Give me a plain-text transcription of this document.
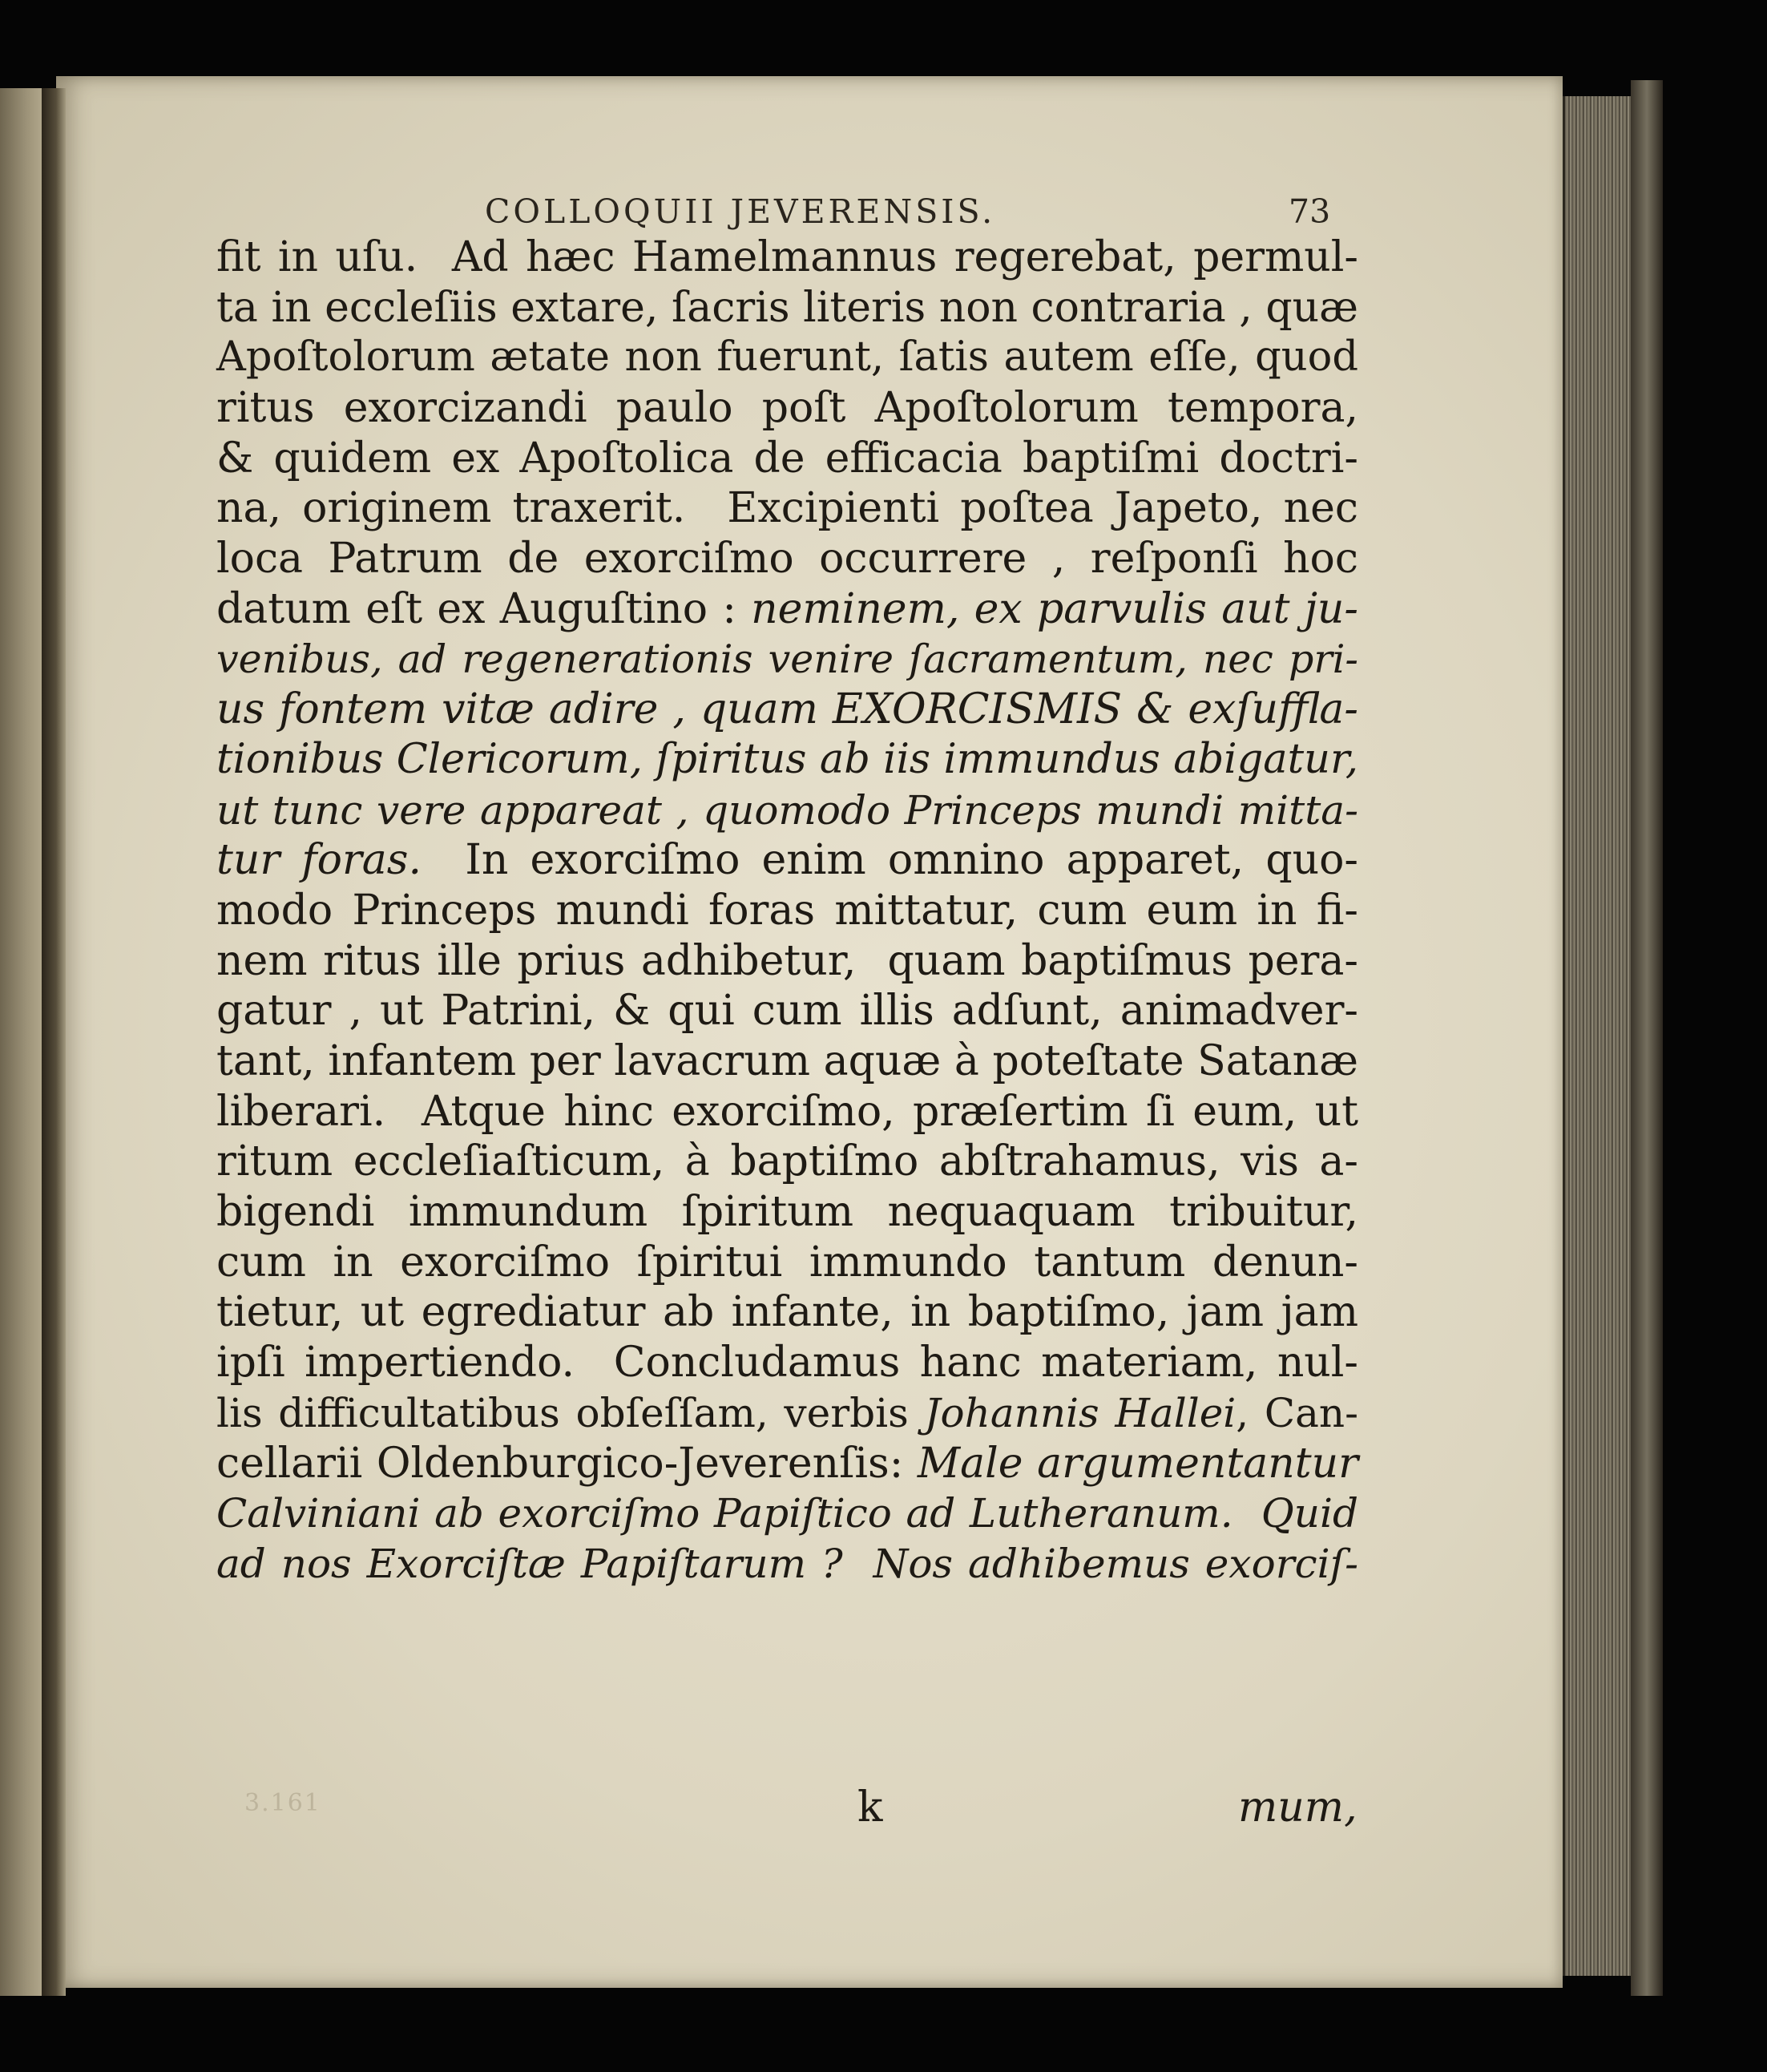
COLLOQUII JEVERENSIS.	73
fit in uſu.  Ad hæc Hamelmannus regerebat, permul-
ta in eccleſiis extare, ſacris literis non contraria , quæ
Apoſtolorum ætate non fuerunt, ſatis autem eſſe, quod
ritus exorcizandi paulo poſt Apoſtolorum tempora,
& quidem ex Apoſtolica de efficacia baptiſmi doctri-
na, originem traxerit.  Excipienti poſtea Japeto, nec
loca Patrum de exorciſmo occurrere , reſponſi hoc
datum eſt ex Auguſtino : neminem, ex parvulis aut ju-
venibus, ad regenerationis venire ſacramentum, nec pri-
us fontem vitæ adire , quam EXORCISMIS & exſuffla-
tionibus Clericorum, ſpiritus ab iis immundus abigatur,
ut tunc vere appareat , quomodo Princeps mundi mitta-
tur foras.  In exorciſmo enim omnino apparet, quo-
modo Princeps mundi foras mittatur, cum eum in fi-
nem ritus ille prius adhibetur,  quam baptiſmus pera-
gatur , ut Patrini, & qui cum illis adſunt, animadver-
tant, infantem per lavacrum aquæ à poteſtate Satanæ
liberari.  Atque hinc exorciſmo, præſertim ſi eum, ut
ritum eccleſiaſticum, à baptiſmo abſtrahamus, vis a-
bigendi immundum ſpiritum nequaquam tribuitur,
cum in exorciſmo ſpiritui immundo tantum denun-
tietur, ut egrediatur ab infante, in baptiſmo, jam jam
ipſi impertiendo.  Concludamus hanc materiam, nul-
lis difficultatibus obſeſſam, verbis Johannis Hallei, Can-
cellarii Oldenburgico-Jeverenſis: Male argumentantur
Calviniani ab exorciſmo Papiſtico ad Lutheranum.  Quid
ad nos Exorciſtæ Papiſtarum ?  Nos adhibemus exorciſ-
3.161	k	mum,
